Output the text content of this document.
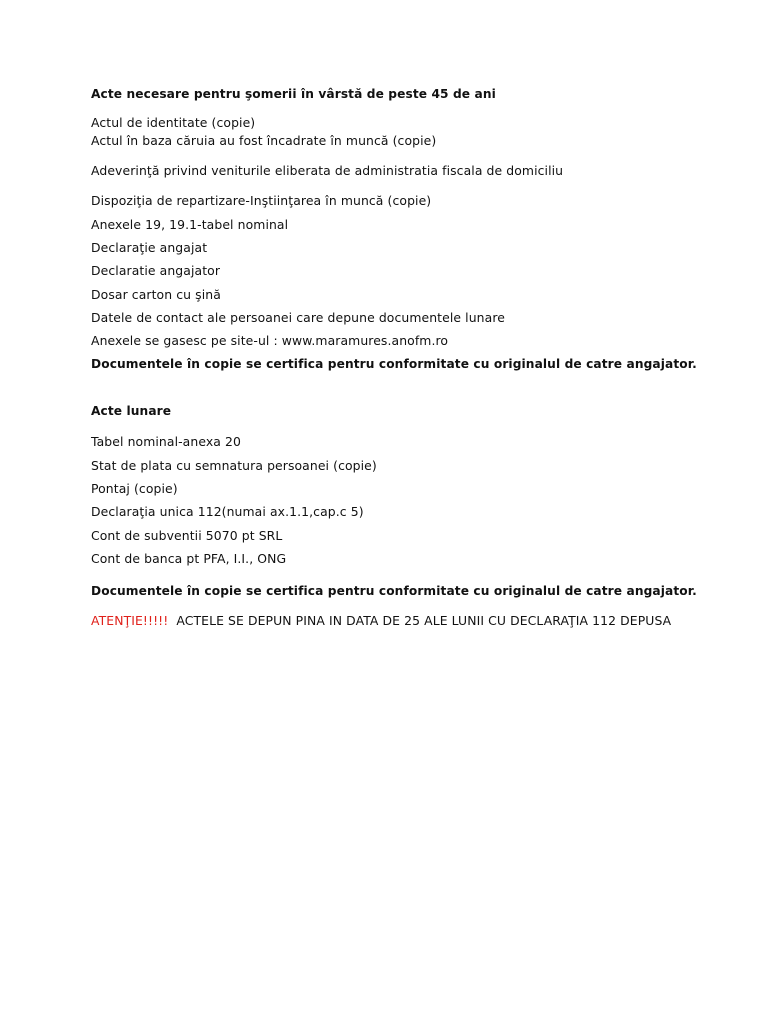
Acte necesare pentru şomerii în vârstă de peste 45 de ani
Actul de identitate (copie)
Actul în baza căruia au fost încadrate în muncă (copie)
Adeverinţă privind veniturile eliberata de administratia fiscala de domiciliu
Dispoziţia de repartizare-Inştiinţarea în muncă (copie)
Anexele 19, 19.1-tabel nominal
Declaraţie angajat
Declaratie angajator
Dosar carton cu şină
Datele de contact ale persoanei care depune documentele lunare
Anexele se gasesc pe site-ul : www.maramures.anofm.ro
Documentele în copie se certifica pentru conformitate cu originalul de catre angajator.
Acte lunare
Tabel nominal-anexa 20
Stat de plata cu semnatura persoanei (copie)
Pontaj (copie)
Declaraţia unica 112(numai ax.1.1,cap.c 5)
Cont de subventii 5070 pt SRL
Cont de banca pt PFA, I.I., ONG
Documentele în copie se certifica pentru conformitate cu originalul de catre angajator.
ATENŢIE!!!!!  ACTELE SE DEPUN PINA IN DATA DE 25 ALE LUNII CU DECLARAŢIA 112 DEPUSA
